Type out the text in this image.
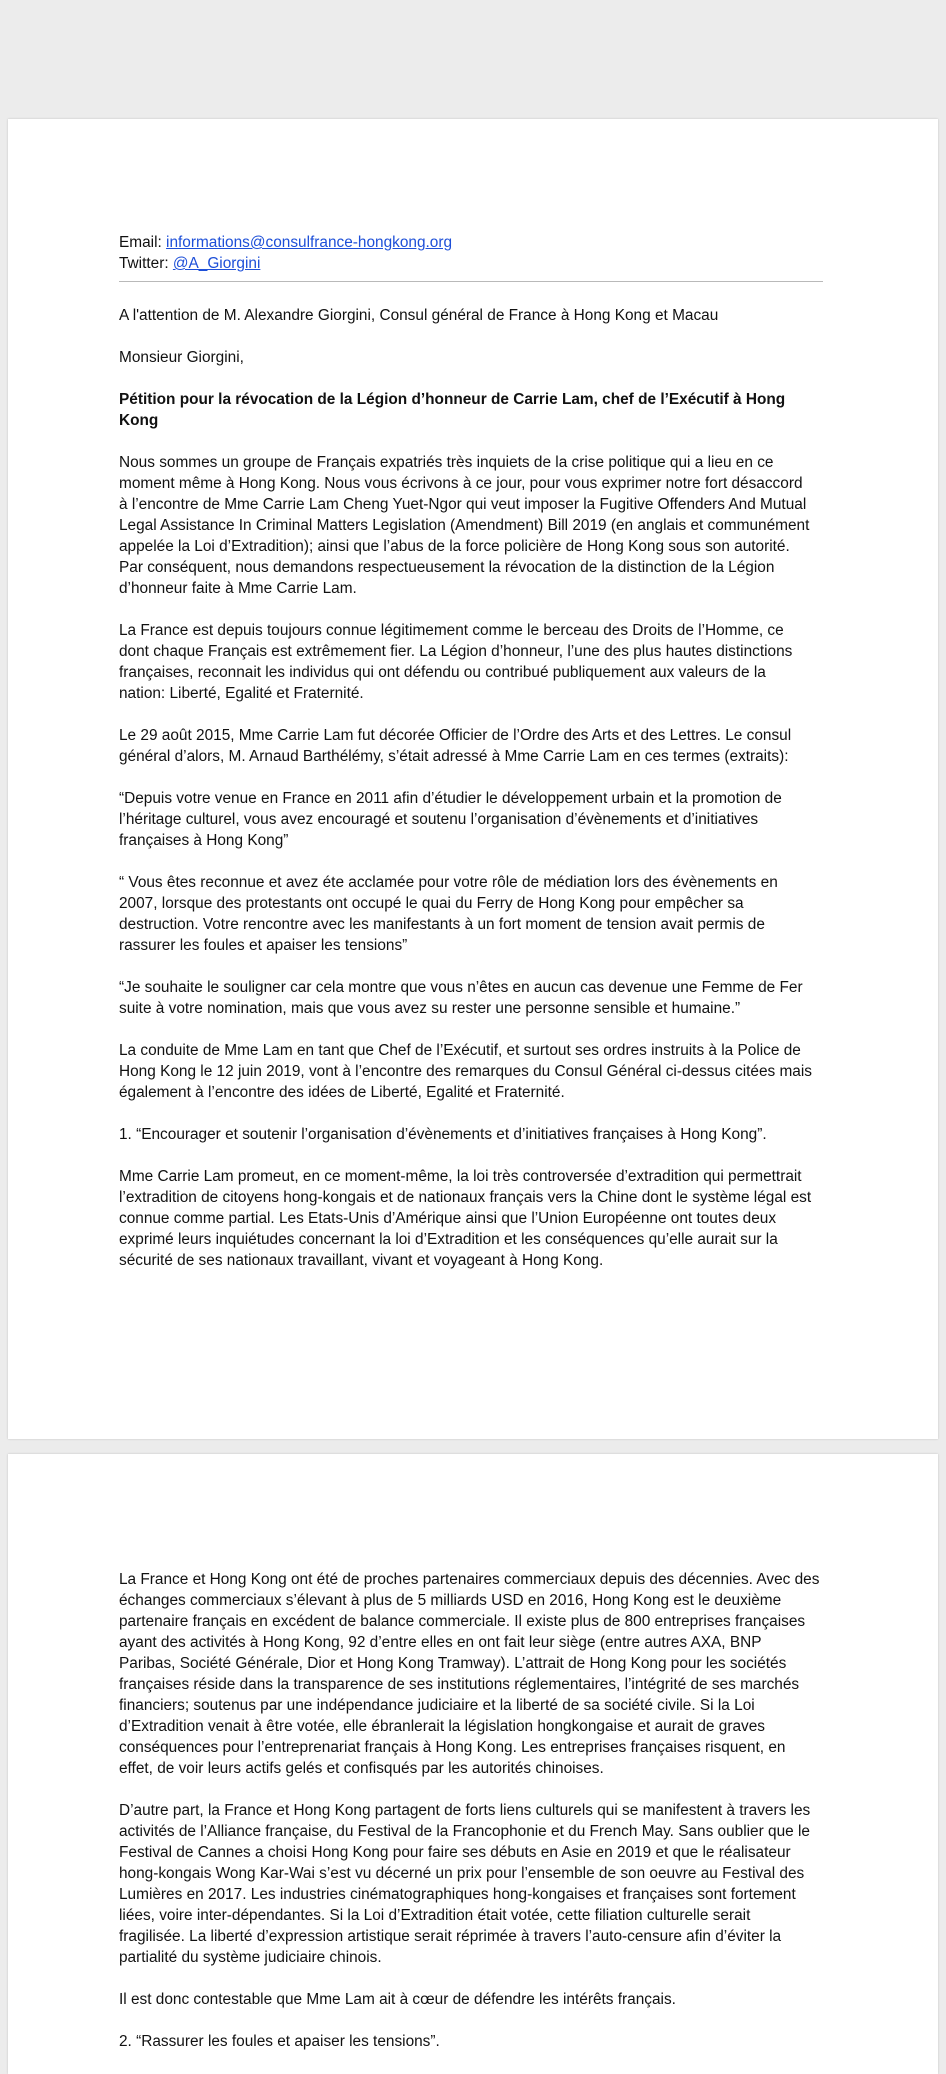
Email: informations@consulfrance-hongkong.org
Twitter: @A_Giorgini

A l'attention de M. Alexandre Giorgini, Consul général de France à Hong Kong et Macau

Monsieur Giorgini,

Pétition pour la révocation de la Légion d’honneur de Carrie Lam, chef de l’Exécutif à Hong
Kong

Nous sommes un groupe de Français expatriés très inquiets de la crise politique qui a lieu en ce
moment même à Hong Kong. Nous vous écrivons à ce jour, pour vous exprimer notre fort désaccord
à l’encontre de Mme Carrie Lam Cheng Yuet-Ngor qui veut imposer la Fugitive Offenders And Mutual
Legal Assistance In Criminal Matters Legislation (Amendment) Bill 2019 (en anglais et communément
appelée la Loi d’Extradition); ainsi que l’abus de la force policière de Hong Kong sous son autorité.
Par conséquent, nous demandons respectueusement la révocation de la distinction de la Légion
d’honneur faite à Mme Carrie Lam.

La France est depuis toujours connue légitimement comme le berceau des Droits de l’Homme, ce
dont chaque Français est extrêmement fier. La Légion d’honneur, l’une des plus hautes distinctions
françaises, reconnait les individus qui ont défendu ou contribué publiquement aux valeurs de la
nation: Liberté, Egalité et Fraternité.

Le 29 août 2015, Mme Carrie Lam fut décorée Officier de l’Ordre des Arts et des Lettres. Le consul
général d’alors, M. Arnaud Barthélémy, s’était adressé à Mme Carrie Lam en ces termes (extraits):

“Depuis votre venue en France en 2011 afin d’étudier le développement urbain et la promotion de
l’héritage culturel, vous avez encouragé et soutenu l’organisation d’évènements et d’initiatives
françaises à Hong Kong”

“ Vous êtes reconnue et avez éte acclamée pour votre rôle de médiation lors des évènements en
2007, lorsque des protestants ont occupé le quai du Ferry de Hong Kong pour empêcher sa
destruction. Votre rencontre avec les manifestants à un fort moment de tension avait permis de
rassurer les foules et apaiser les tensions”

“Je souhaite le souligner car cela montre que vous n’êtes en aucun cas devenue une Femme de Fer
suite à votre nomination, mais que vous avez su rester une personne sensible et humaine.”

La conduite de Mme Lam en tant que Chef de l’Exécutif, et surtout ses ordres instruits à la Police de
Hong Kong le 12 juin 2019, vont à l’encontre des remarques du Consul Général ci-dessus citées mais
également à l’encontre des idées de Liberté, Egalité et Fraternité.

1. “Encourager et soutenir l’organisation d’évènements et d’initiatives françaises à Hong Kong”.

Mme Carrie Lam promeut, en ce moment-même, la loi très controversée d’extradition qui permettrait
l’extradition de citoyens hong-kongais et de nationaux français vers la Chine dont le système légal est
connue comme partial. Les Etats-Unis d’Amérique ainsi que l’Union Européenne ont toutes deux
exprimé leurs inquiétudes concernant la loi d’Extradition et les conséquences qu’elle aurait sur la
sécurité de ses nationaux travaillant, vivant et voyageant à Hong Kong.

La France et Hong Kong ont été de proches partenaires commerciaux depuis des décennies. Avec des
échanges commerciaux s’élevant à plus de 5 milliards USD en 2016, Hong Kong est le deuxième
partenaire français en excédent de balance commerciale. Il existe plus de 800 entreprises françaises
ayant des activités à Hong Kong, 92 d’entre elles en ont fait leur siège (entre autres AXA, BNP
Paribas, Société Générale, Dior et Hong Kong Tramway). L’attrait de Hong Kong pour les sociétés
françaises réside dans la transparence de ses institutions réglementaires, l’intégrité de ses marchés
financiers; soutenus par une indépendance judiciaire et la liberté de sa société civile. Si la Loi
d’Extradition venait à être votée, elle ébranlerait la législation hongkongaise et aurait de graves
conséquences pour l’entreprenariat français à Hong Kong. Les entreprises françaises risquent, en
effet, de voir leurs actifs gelés et confisqués par les autorités chinoises.

D’autre part, la France et Hong Kong partagent de forts liens culturels qui se manifestent à travers les
activités de l’Alliance française, du Festival de la Francophonie et du French May. Sans oublier que le
Festival de Cannes a choisi Hong Kong pour faire ses débuts en Asie en 2019 et que le réalisateur
hong-kongais Wong Kar-Wai s’est vu décerné un prix pour l’ensemble de son oeuvre au Festival des
Lumières en 2017. Les industries cinématographiques hong-kongaises et françaises sont fortement
liées, voire inter-dépendantes. Si la Loi d’Extradition était votée, cette filiation culturelle serait
fragilisée. La liberté d’expression artistique serait réprimée à travers l’auto-censure afin d’éviter la
partialité du système judiciaire chinois.

Il est donc contestable que Mme Lam ait à cœur de défendre les intérêts français.

2. “Rassurer les foules et apaiser les tensions”.
